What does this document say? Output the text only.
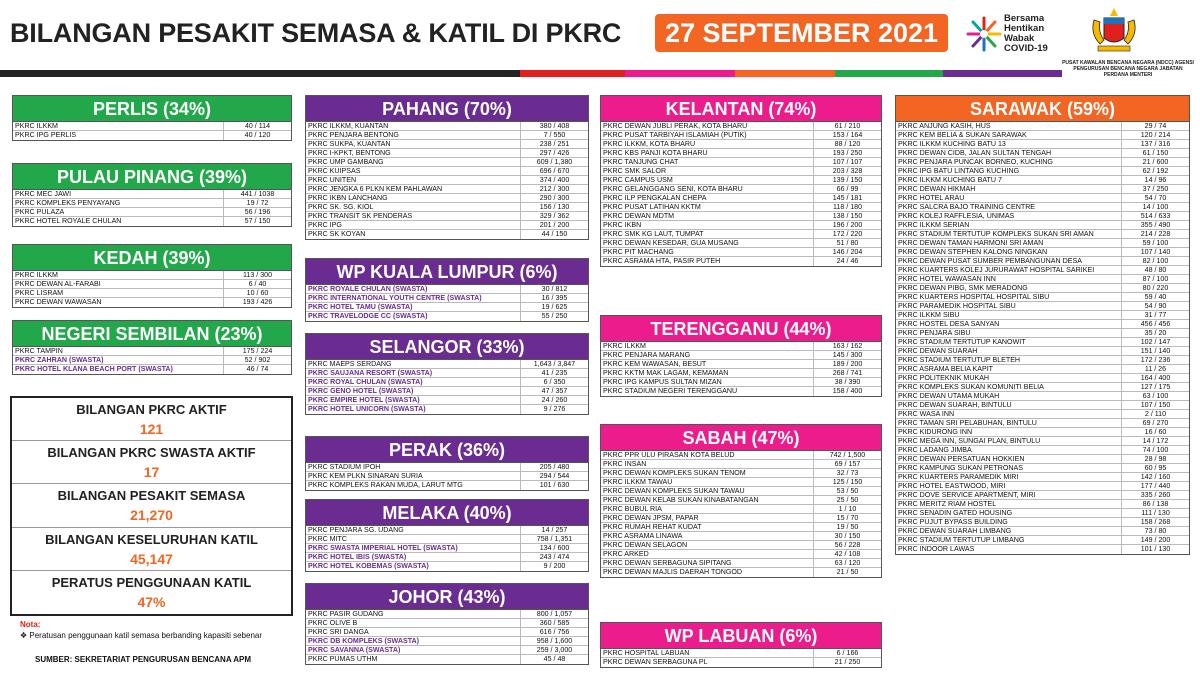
BILANGAN PESAKIT SEMASA & KATIL DI PKRC	27 SEPTEMBER 2021	Bersama
Hentikan
Wabak
COVID-19
PUSAT KAWALAN BENCANA NEGARA (NDCC) AGENSI PENGURUSAN BENCANA NEGARA JABATAN PERDANA MENTERI
PERLIS (34%)
PKRC ILKKM	40 / 114
PKRC IPG PERLIS	40 / 120
PULAU PINANG (39%)
PKRC MEC JAWI	441 / 1038
PKRC KOMPLEKS PENYAYANG	19 / 72
PKRC PULAZA	56 / 196
PKRC HOTEL ROYALE CHULAN	57 / 150
KEDAH (39%)
PKRC ILKKM	113 / 300
PKRC DEWAN AL-FARABI	6 / 40
PKRC LISRAM	10 / 60
PKRC DEWAN WAWASAN	193 / 426
NEGERI SEMBILAN (23%)
PKRC TAMPIN	175 / 224
PKRC ZAHRAN (SWASTA)	52 / 902
PKRC HOTEL KLANA BEACH PORT (SWASTA)	46 / 74
PAHANG (70%)
PKRC ILKKM, KUANTAN	380 / 408
PKRC PENJARA BENTONG	7 / 550
PKRC SUKPA, KUANTAN	238 / 251
PKRC I-KPKT, BENTONG	297 / 426
PKRC UMP GAMBANG	609 / 1,380
PKRC KUIPSAS	696 / 670
PKRC UNITEN	374 / 400
PKRC JENGKA 6 PLKN KEM PAHLAWAN	212 / 300
PKRC IKBN LANCHANG	290 / 300
PKRC SK. SG. KIOL	156 / 130
PKRC TRANSIT SK PENDERAS	329 / 362
PKRC IPG	201 / 200
PKRC SK KOYAN	44 / 150
WP KUALA LUMPUR (6%)
PKRC ROYALE CHULAN (SWASTA)	30 / 812
PKRC INTERNATIONAL YOUTH CENTRE (SWASTA)	16 / 395
PKRC HOTEL TAMU (SWASTA)	19 / 625
PKRC TRAVELODGE CC (SWASTA)	55 / 250
SELANGOR (33%)
PKRC MAEPS SERDANG	1,643 / 3,847
PKRC SAUJANA RESORT (SWASTA)	41 / 235
PKRC ROYAL CHULAN (SWASTA)	6 / 350
PKRC GENO HOTEL (SWASTA)	47 / 357
PKRC EMPIRE HOTEL (SWASTA)	24 / 260
PKRC HOTEL UNICORN (SWASTA)	9 / 276
PERAK (36%)
PKRC STADIUM IPOH	205 / 480
PKRC KEM PLKN SINARAN SURIA	294 / 544
PKRC KOMPLEKS RAKAN MUDA, LARUT MTG	101 / 630
MELAKA (40%)
PKRC PENJARA SG. UDANG	14 / 257
PKRC MITC	758 / 1,351
PKRC SWASTA IMPERIAL HOTEL (SWASTA)	134 / 600
PKRC HOTEL IBIS (SWASTA)	243 / 474
PKRC HOTEL KOBEMAS (SWASTA)	9 / 200
JOHOR (43%)
PKRC PASIR GUDANG	800 / 1,057
PKRC OLIVE B	360 / 585
PKRC SRI DANGA	616 / 756
PKRC DB KOMPLEKS (SWASTA)	958 / 1,600
PKRC SAVANNA (SWASTA)	259 / 3,000
PKRC PUMAS UTHM	45 / 48
KELANTAN (74%)
PKRC DEWAN JUBLI PERAK, KOTA BHARU	61 / 210
PKRC PUSAT TARBIYAH ISLAMIAH (PUTIK)	153 / 164
PKRC ILKKM, KOTA BHARU	88 / 120
PKRC KBS PANJI KOTA BHARU	193 / 250
PKRC TANJUNG CHAT	107 / 107
PKRC SMK SALOR	203 / 328
PKRC CAMPUS USM	139 / 150
PKRC GELANGGANG SENI, KOTA BHARU	66 / 99
PKRC ILP PENGKALAN CHEPA	145 / 181
PKRC PUSAT LATIHAN KKTM	118 / 180
PKRC DEWAN MDTM	138 / 150
PKRC IKBN	196 / 200
PKRC SMK KG LAUT, TUMPAT	172 / 220
PKRC DEWAN KESEDAR, GUA MUSANG	51 / 80
PKRC PIT MACHANG	146 / 204
PKRC ASRAMA HTA, PASIR PUTEH	24 / 46
TERENGGANU (44%)
PKRC ILKKM	163 / 162
PKRC PENJARA MARANG	145 / 300
PKRC KEM WAWASAN, BESUT	189 / 200
PKRC KKTM MAK LAGAM, KEMAMAN	268 / 741
PKRC IPG KAMPUS SULTAN MIZAN	38 / 390
PKRC STADIUM NEGERI TERENGGANU	158 / 400
SABAH (47%)
PKRC PPR ULU PIRASAN KOTA BELUD	742 / 1,500
PKRC INSAN	69 / 157
PKRC DEWAN KOMPLEKS SUKAN TENOM	32 / 73
PKRC ILKKM TAWAU	125 / 150
PKRC DEWAN KOMPLEKS SUKAN TAWAU	53 / 50
PKRC DEWAN KELAB SUKAN KINABATANGAN	25 / 50
PKRC BUBUL RIA	1 / 10
PKRC DEWAN JPSM, PAPAR	15 / 70
PKRC RUMAH REHAT KUDAT	19 / 50
PKRC ASRAMA LINAWA	30 / 150
PKRC DEWAN SELAGON	56 / 228
PKRC ARKED	42 / 108
PKRC DEWAN SERBAGUNA SIPITANG	63 / 120
PKRC DEWAN MAJLIS DAERAH TONGOD	21 / 50
WP LABUAN (6%)
PKRC HOSPITAL LABUAN	6 / 166
PKRC DEWAN SERBAGUNA PL	21 / 250
SARAWAK (59%)
PKRC ANJUNG KASIH, HUS	29 / 74
PKRC KEM BELIA & SUKAN SARAWAK	120 / 214
PKRC ILKKM KUCHING BATU 13	137 / 316
PKRC DEWAN CIDB, JALAN SULTAN TENGAH	61 / 150
PKRC PENJARA PUNCAK BORNEO, KUCHING	21 / 600
PKRC IPG BATU LINTANG KUCHING	62 / 192
PKRC ILKKM KUCHING BATU 7	14 / 96
PKRC DEWAN HIKMAH	37 / 250
PKRC HOTEL ARAU	54 / 70
PKRC SALCRA BAJO TRAINING CENTRE	14 / 100
PKRC KOLEJ RAFFLESIA, UNIMAS	514 / 633
PKRC ILKKM SERIAN	355 / 490
PKRC STADIUM TERTUTUP KOMPLEKS SUKAN SRI AMAN	214 / 228
PKRC DEWAN TAMAN HARMONI SRI AMAN	59 / 100
PKRC DEWAN STEPHEN KALONG NINGKAN	107 / 140
PKRC DEWAN PUSAT SUMBER PEMBANGUNAN DESA	82 / 100
PKRC KUARTERS KOLEJ JURURAWAT HOSPITAL SARIKEI	48 / 80
PKRC HOTEL WAWASAN INN	87 / 100
PKRC DEWAN PIBG, SMK MERADONG	80 / 220
PKRC KUARTERS HOSPITAL HOSPITAL SIBU	59 / 40
PKRC PARAMEDIK HOSPITAL SIBU	54 / 90
PKRC ILKKM SIBU	31 / 77
PKRC HOSTEL DESA SANYAN	456 / 456
PKRC PENJARA SIBU	35 / 20
PKRC STADIUM TERTUTUP KANOWIT	102 / 147
PKRC DEWAN SUARAH	151 / 140
PKRC STADIUM TERTUTUP BLETEH	172 / 236
PKRC ASRAMA BELIA KAPIT	11 / 26
PKRC POLITEKNIK MUKAH	164 / 400
PKRC KOMPLEKS SUKAN KOMUNITI BELIA	127 / 175
PKRC DEWAN UTAMA MUKAH	63 / 100
PKRC DEWAN SUARAH, BINTULU	107 / 150
PKRC WASA INN	2 / 110
PKRC TAMAN SRI PELABUHAN, BINTULU	69 / 270
PKRC KIDURONG INN	16 / 60
PKRC MEGA INN, SUNGAI PLAN, BINTULU	14 / 172
PKRC LADANG JIMBA	74 / 100
PKRC DEWAN PERSATUAN HOKKIEN	28 / 98
PKRC KAMPUNG SUKAN PETRONAS	60 / 95
PKRC KUARTERS PARAMEDIK MIRI	142 / 160
PKRC HOTEL EASTWOOD, MIRI	177 / 440
PKRC DOVE SERVICE APARTMENT, MIRI	335 / 260
PKRC MERITZ RIAM HOSTEL	86 / 138
PKRC SENADIN GATED HOUSING	111 / 130
PKRC PUJUT BYPASS BUILDING	158 / 268
PKRC DEWAN SUARAH LIMBANG	73 / 80
PKRC STADIUM TERTUTUP LIMBANG	149 / 200
PKRC INDOOR LAWAS	101 / 130
BILANGAN PKRC AKTIF
121
BILANGAN PKRC SWASTA AKTIF
17
BILANGAN PESAKIT SEMASA
21,270
BILANGAN KESELURUHAN KATIL
45,147
PERATUS PENGGUNAAN KATIL
47%
Nota:
❖ Peratusan penggunaan katil semasa berbanding kapasiti sebenar
SUMBER: SEKRETARIAT PENGURUSAN BENCANA APM
